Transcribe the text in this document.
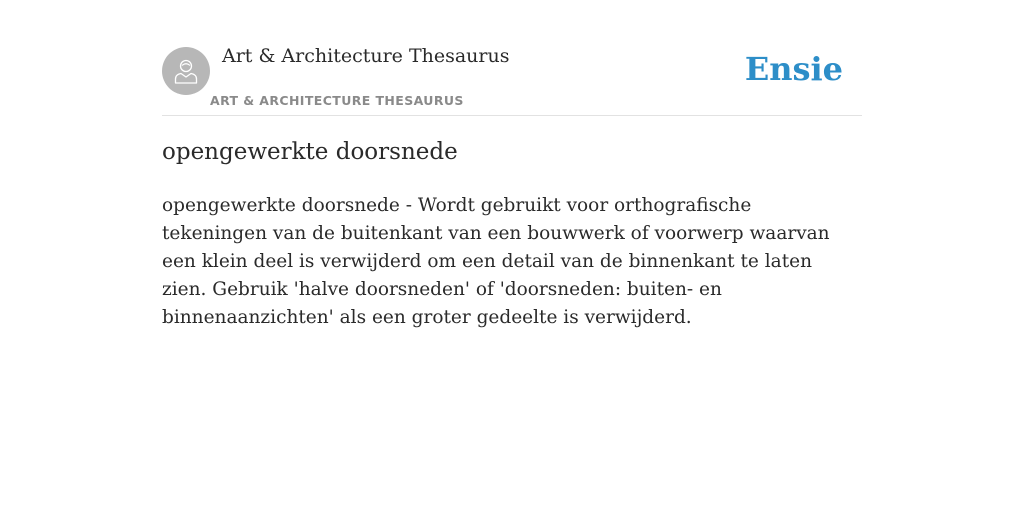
Art & Architecture Thesaurus
ART & ARCHITECTURE THESAURUS
Ensie
opengewerkte doorsnede

opengewerkte doorsnede - Wordt gebruikt voor orthografische tekeningen van de buitenkant van een bouwwerk of voorwerp waarvan een klein deel is verwijderd om een detail van de binnenkant te laten zien. Gebruik 'halve doorsneden' of 'doorsneden: buiten- en binnenaanzichten' als een groter gedeelte is verwijderd.
